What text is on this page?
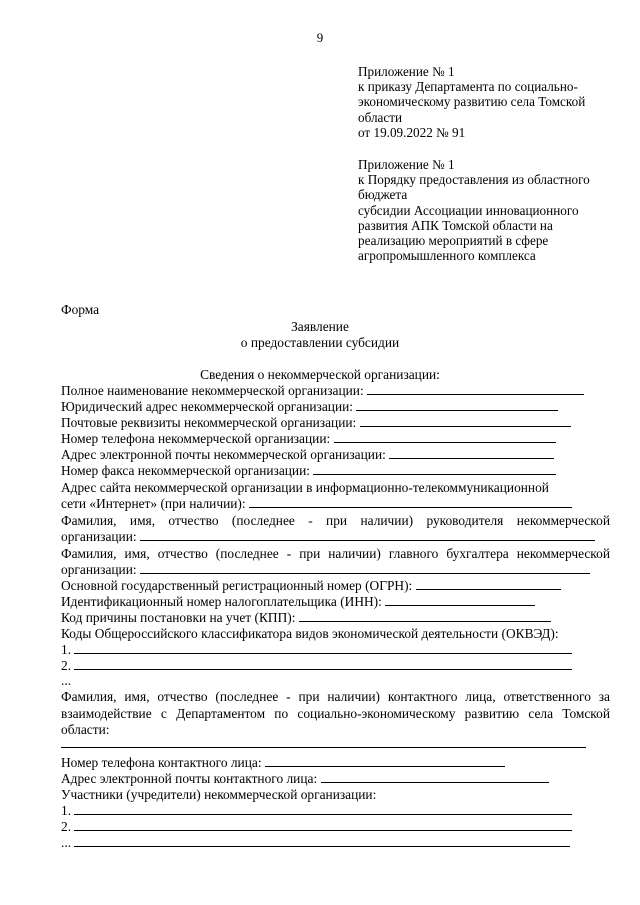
9
Приложение № 1
к приказу Департамента по социально-
экономическому развитию села Томской
области
от 19.09.2022 № 91
Приложение № 1
к Порядку предоставления из областного
бюджета
субсидии Ассоциации инновационного
развития АПК Томской области на
реализацию мероприятий в сфере
агропромышленного комплекса
Форма
Заявление
о предоставлении субсидии
Сведения о некоммерческой организации:
Полное наименование некоммерческой организации:
Юридический адрес некоммерческой организации:
Почтовые реквизиты некоммерческой организации:
Номер телефона некоммерческой организации:
Адрес электронной почты некоммерческой организации:
Номер факса некоммерческой организации:
Адрес сайта некоммерческой организации в информационно-телекоммуникационной
сети «Интернет» (при наличии):
Фамилия, имя, отчество (последнее - при наличии) руководителя некоммерческой
организации:
Фамилия, имя, отчество (последнее - при наличии) главного бухгалтера некоммерческой
организации:
Основной государственный регистрационный номер (ОГРН):
Идентификационный номер налогоплательщика (ИНН):
Код причины постановки на учет (КПП):
Коды Общероссийского классификатора видов экономической деятельности (ОКВЭД):
1.
2.
...
Фамилия, имя, отчество (последнее - при наличии) контактного лица, ответственного за
взаимодействие с Департаментом по социально-экономическому развитию села Томской
области:
Номер телефона контактного лица:
Адрес электронной почты контактного лица:
Участники (учредители) некоммерческой организации:
1.
2.
...
